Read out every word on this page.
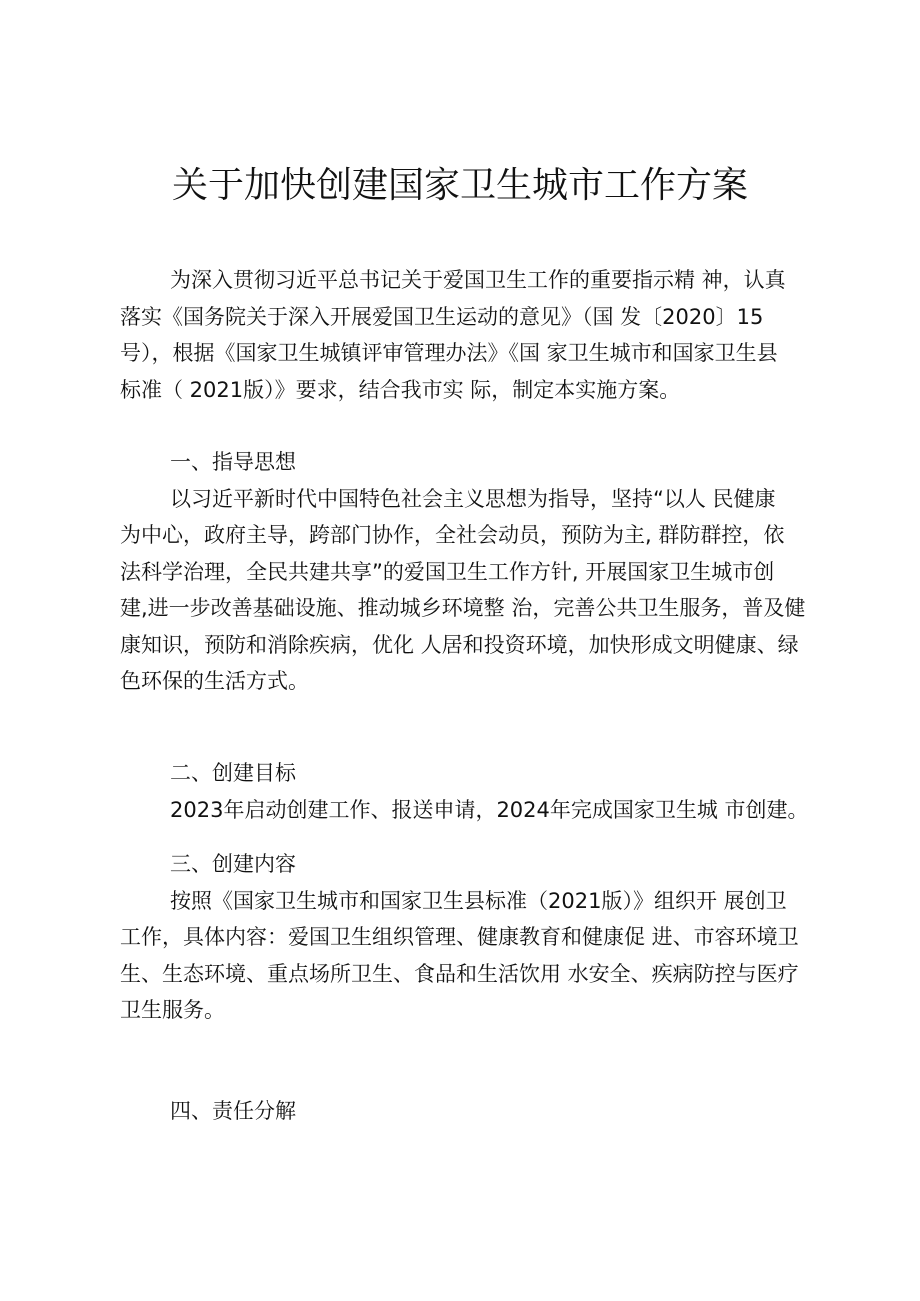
关于加快创建国家卫生城市工作方案
为深入贯彻习近平总书记关于爱国卫生工作的重要指示精 神，认真
落实《国务院关于深入开展爱国卫生运动的意见》（国 发〔2020〕15
号），根据《国家卫生城镇评审管理办法》《国 家卫生城市和国家卫生县
标准（ 2021版）》要求，结合我市实 际，制定本实施方案。
一、指导思想
以习近平新时代中国特色社会主义思想为指导，坚持“以人 民健康
为中心，政府主导，跨部门协作，全社会动员，预防为主, 群防群控，依
法科学治理，全民共建共享”的爱国卫生工作方针, 开展国家卫生城市创
建,进一步改善基础设施、推动城乡环境整 治，完善公共卫生服务，普及健
康知识，预防和消除疾病，优化 人居和投资环境，加快形成文明健康、绿
色环保的生活方式。
二、创建目标
2023年启动创建工作、报送申请，2024年完成国家卫生城 市创建。
三、创建内容
按照《国家卫生城市和国家卫生县标准（2021版）》组织开 展创卫
工作，具体内容：爱国卫生组织管理、健康教育和健康促 进、市容环境卫
生、生态环境、重点场所卫生、食品和生活饮用 水安全、疾病防控与医疗
卫生服务。
四、责任分解
